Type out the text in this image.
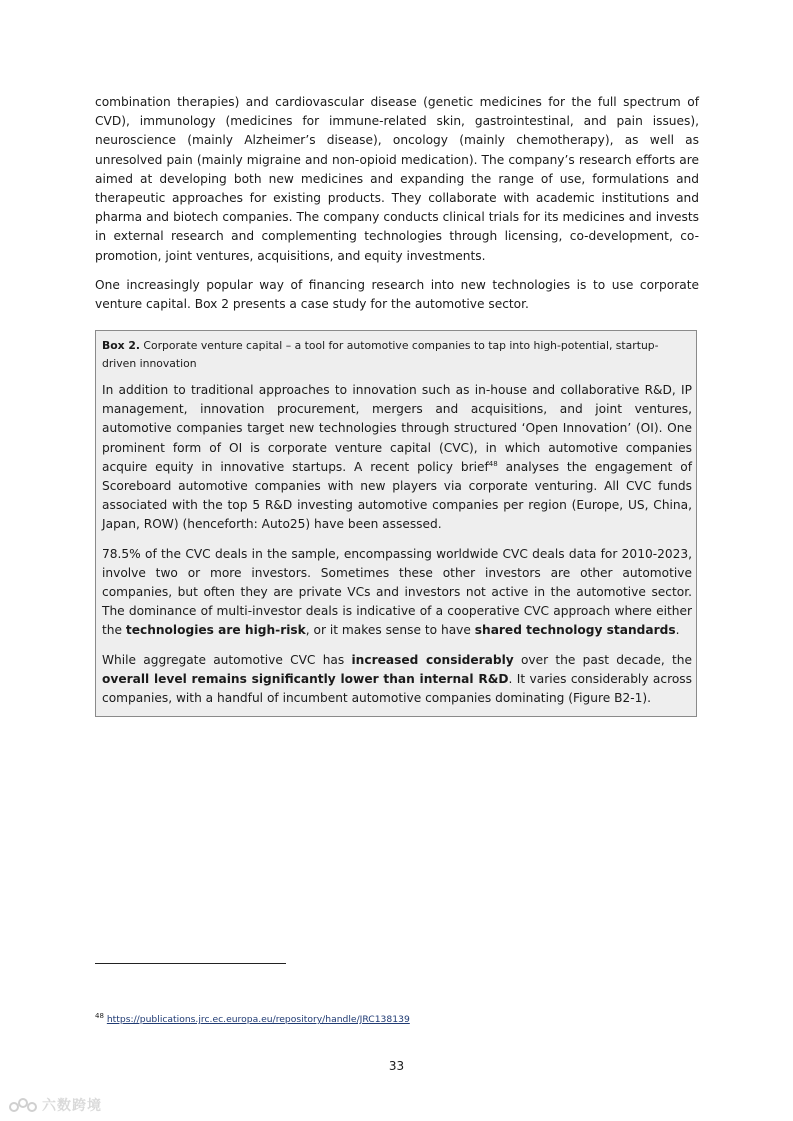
combination therapies) and cardiovascular disease (genetic medicines for the full spectrum of CVD), immunology (medicines for immune-related skin, gastrointestinal, and pain issues), neuroscience (mainly Alzheimer’s disease), oncology (mainly chemotherapy), as well as unresolved pain (mainly migraine and non-opioid medication). The company’s research efforts are aimed at developing both new medicines and expanding the range of use, formulations and therapeutic approaches for existing products. They collaborate with academic institutions and pharma and biotech companies. The company conducts clinical trials for its medicines and invests in external research and complementing technologies through licensing, co-development, co-promotion, joint ventures, acquisitions, and equity investments.

One increasingly popular way of financing research into new technologies is to use corporate venture capital. Box 2 presents a case study for the automotive sector.

Box 2. Corporate venture capital – a tool for automotive companies to tap into high-potential, startup-driven innovation

In addition to traditional approaches to innovation such as in-house and collaborative R&D, IP management, innovation procurement, mergers and acquisitions, and joint ventures, automotive companies target new technologies through structured ‘Open Innovation’ (OI). One prominent form of OI is corporate venture capital (CVC), in which automotive companies acquire equity in innovative startups. A recent policy brief$^{48}$ analyses the engagement of Scoreboard automotive companies with new players via corporate venturing. All CVC funds associated with the top 5 R&D investing automotive companies per region (Europe, US, China, Japan, ROW) (henceforth: Auto25) have been assessed.

78.5% of the CVC deals in the sample, encompassing worldwide CVC deals data for 2010-2023, involve two or more investors. Sometimes these other investors are other automotive companies, but often they are private VCs and investors not active in the automotive sector. The dominance of multi-investor deals is indicative of a cooperative CVC approach where either the technologies are high-risk, or it makes sense to have shared technology standards.

While aggregate automotive CVC has increased considerably over the past decade, the overall level remains significantly lower than internal R&D. It varies considerably across companies, with a handful of incumbent automotive companies dominating (Figure B2-1).

$^{48}$ https://publications.jrc.ec.europa.eu/repository/handle/JRC138139
33
六数跨境
